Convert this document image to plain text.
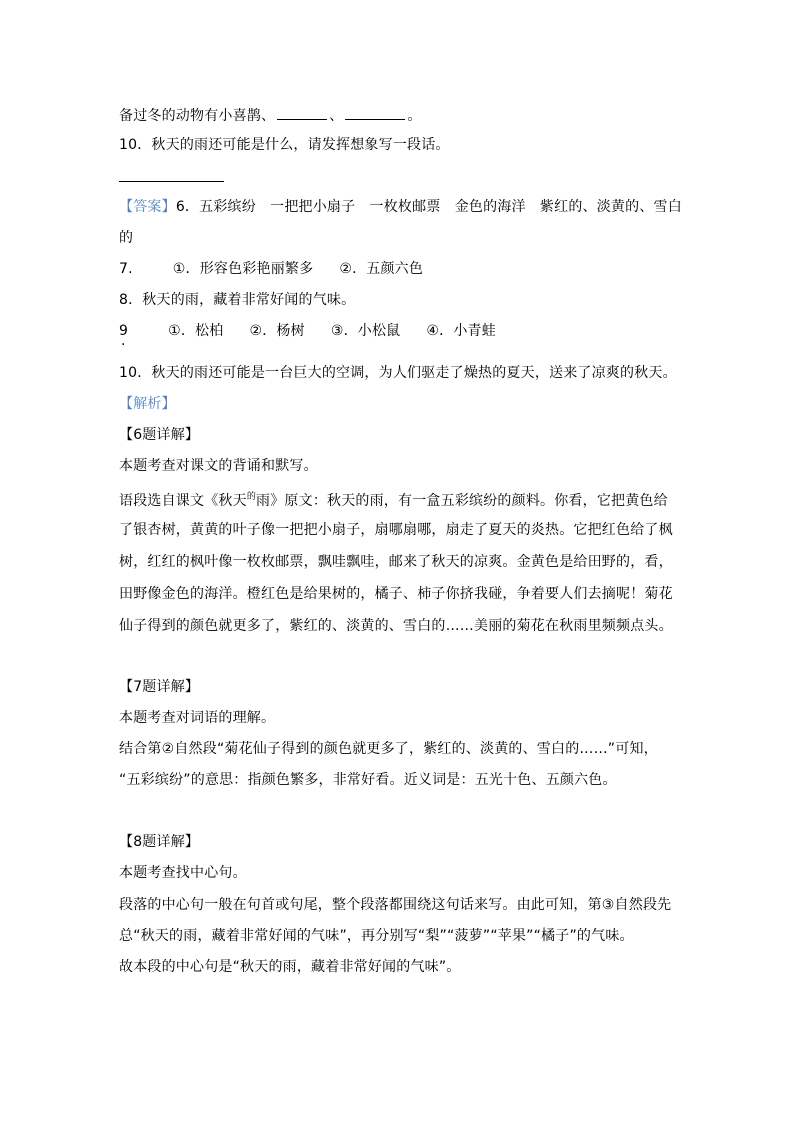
备过冬的动物有小喜鹊、	、	。
10．秋天的雨还可能是什么，请发挥想象写一段话。
【答案】6．五彩缤纷　一把把小扇子　一枚枚邮票　金色的海洋　紫红的、淡黄的、雪白
的
7.	①．形容色彩艳丽繁多 ②．五颜六色
8．秋天的雨，藏着非常好闻的气味。
9	①．松柏 ②．杨树 ③．小松鼠 ④．小青蛙
·
10．秋天的雨还可能是一台巨大的空调，为人们驱走了燥热的夏天，送来了凉爽的秋天。
【解析】
【6题详解】
本题考查对课文的背诵和默写。
语段选自课文《秋天$^的$雨》原文：秋天的雨，有一盒五彩缤纷的颜料。你看，它把黄色给
了银杏树，黄黄的叶子像一把把小扇子，扇哪扇哪，扇走了夏天的炎热。它把红色给了枫
树，红红的枫叶像一枚枚邮票，飘哇飘哇，邮来了秋天的凉爽。金黄色是给田野的，看，
田野像金色的海洋。橙红色是给果树的，橘子、柿子你挤我碰，争着要人们去摘呢！菊花
仙子得到的颜色就更多了，紫红的、淡黄的、雪白的……美丽的菊花在秋雨里频频点头。
【7题详解】
本题考查对词语的理解。
结合第②自然段“菊花仙子得到的颜色就更多了，紫红的、淡黄的、雪白的……”可知，
“五彩缤纷”的意思：指颜色繁多，非常好看。近义词是：五光十色、五颜六色。
【8题详解】
本题考查找中心句。
段落的中心句一般在句首或句尾，整个段落都围绕这句话来写。由此可知，第③自然段先
总“秋天的雨，藏着非常好闻的气味”，再分别写“梨”“菠萝”“苹果”“橘子”的气味。
故本段的中心句是“秋天的雨，藏着非常好闻的气味”。
